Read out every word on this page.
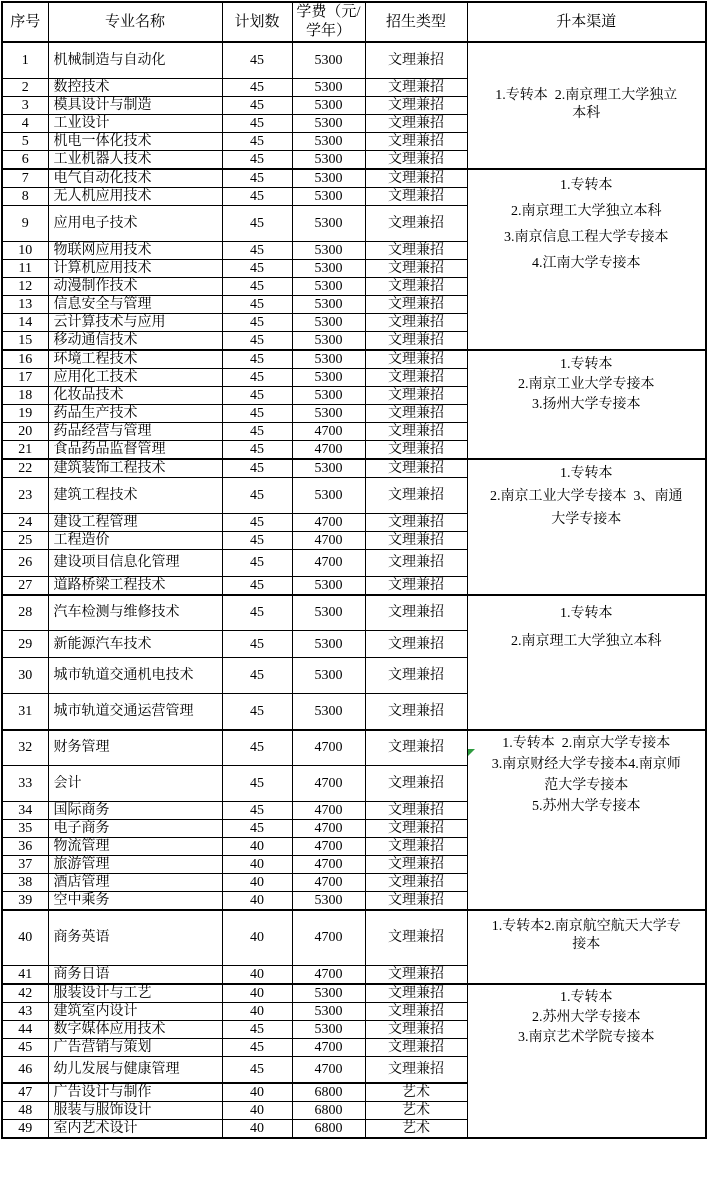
序号	专业名称	计划数	学费（元/学年）	招生类型	升本渠道
1	机械制造与自动化	45	5300	文理兼招	1.专转本  2.南京理工大学独立
本科

2	数控技术	45	5300	文理兼招	
3	模具设计与制造	45	5300	文理兼招	
4	工业设计	45	5300	文理兼招	
5	机电一体化技术	45	5300	文理兼招	
6	工业机器人技术	45	5300	文理兼招	
7	电气自动化技术	45	5300	文理兼招	1.专转本
2.南京理工大学独立本科
3.南京信息工程大学专接本
4.江南大学专接本

8	无人机应用技术	45	5300	文理兼招	
9	应用电子技术	45	5300	文理兼招	
10	物联网应用技术	45	5300	文理兼招	
11	计算机应用技术	45	5300	文理兼招	
12	动漫制作技术	45	5300	文理兼招	
13	信息安全与管理	45	5300	文理兼招	
14	云计算技术与应用	45	5300	文理兼招	
15	移动通信技术	45	5300	文理兼招	
16	环境工程技术	45	5300	文理兼招	1.专转本
2.南京工业大学专接本
3.扬州大学专接本

17	应用化工技术	45	5300	文理兼招	
18	化妆品技术	45	5300	文理兼招	
19	药品生产技术	45	5300	文理兼招	
20	药品经营与管理	45	4700	文理兼招	
21	食品药品监督管理	45	4700	文理兼招	
22	建筑装饰工程技术	45	5300	文理兼招	1.专转本
2.南京工业大学专接本  3、南通
大学专接本

23	建筑工程技术	45	5300	文理兼招	
24	建设工程管理	45	4700	文理兼招	
25	工程造价	45	4700	文理兼招	
26	建设项目信息化管理	45	4700	文理兼招	
27	道路桥梁工程技术	45	5300	文理兼招	
28	汽车检测与维修技术	45	5300	文理兼招	1.专转本
2.南京理工大学独立本科

29	新能源汽车技术	45	5300	文理兼招	
30	城市轨道交通机电技术	45	5300	文理兼招	
31	城市轨道交通运营管理	45	5300	文理兼招	
32	财务管理	45	4700	文理兼招	1.专转本  2.南京大学专接本
3.南京财经大学专接本4.南京师
范大学专接本
5.苏州大学专接本

33	会计	45	4700	文理兼招	
34	国际商务	45	4700	文理兼招	
35	电子商务	45	4700	文理兼招	
36	物流管理	40	4700	文理兼招	
37	旅游管理	40	4700	文理兼招	
38	酒店管理	40	4700	文理兼招	
39	空中乘务	40	5300	文理兼招	
40	商务英语	40	4700	文理兼招	1.专转本2.南京航空航天大学专
接本

41	商务日语	40	4700	文理兼招	
42	服装设计与工艺	40	5300	文理兼招	1.专转本
2.苏州大学专接本
3.南京艺术学院专接本

43	建筑室内设计	40	5300	文理兼招	
44	数字媒体应用技术	45	5300	文理兼招	
45	广告营销与策划	45	4700	文理兼招	
46	幼儿发展与健康管理	45	4700	文理兼招	
47	广告设计与制作	40	6800	艺术	
48	服装与服饰设计	40	6800	艺术	
49	室内艺术设计	40	6800	艺术	
